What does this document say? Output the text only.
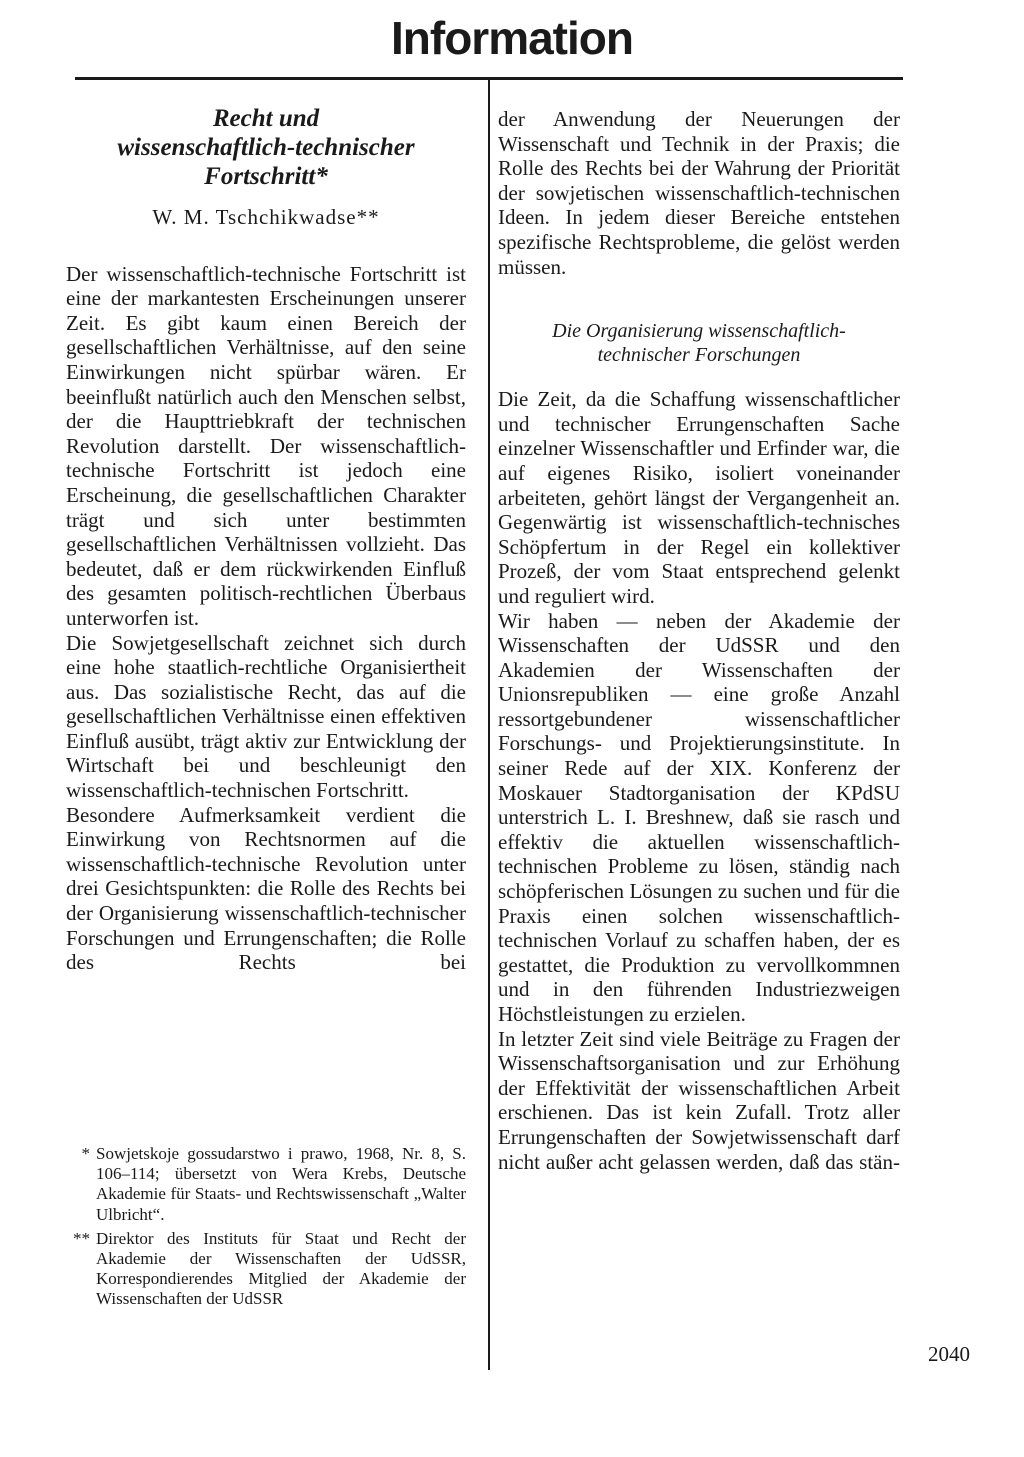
Information

Recht und

wissenschaftlich-technischer

Fortschritt*

W. M. Tschchikwadse**

Der wissenschaftlich-technische Fortschritt ist eine der markantesten Erscheinungen unserer Zeit. Es gibt kaum einen Bereich der gesellschaftlichen Verhältnisse, auf den seine Einwirkungen nicht spürbar wären. Er beeinflußt natürlich auch den Menschen selbst, der die Haupttriebkraft der technischen Revolution darstellt. Der wissenschaftlich-technische Fortschritt ist jedoch eine Erscheinung, die gesellschaftlichen Charakter trägt und sich unter bestimmten gesellschaftlichen Verhältnissen vollzieht. Das bedeutet, daß er dem rückwirkenden Einfluß des gesamten politisch-rechtlichen Überbaus unterworfen ist.

Die Sowjetgesellschaft zeichnet sich durch eine hohe staatlich-rechtliche Organisiertheit aus. Das sozialistische Recht, das auf die gesellschaftlichen Verhältnisse einen effektiven Einfluß ausübt, trägt aktiv zur Entwicklung der Wirtschaft bei und beschleunigt den wissenschaftlich-technischen Fortschritt.

Besondere Aufmerksamkeit verdient die Einwirkung von Rechtsnormen auf die wissenschaftlich-technische Revolution unter drei Gesichtspunkten: die Rolle des Rechts bei der Organisierung wissenschaftlich-technischer Forschungen und Errungenschaften; die Rolle des Rechts bei

* Sowjetskoje gossudarstwo i prawo, 1968, Nr. 8, S. 106–114; übersetzt von Wera Krebs, Deutsche Akademie für Staats- und Rechtswissenschaft „Walter Ulbricht“.
** Direktor des Instituts für Staat und Recht der Akademie der Wissenschaften der UdSSR, Korrespondierendes Mitglied der Akademie der Wissenschaften der UdSSR

der Anwendung der Neuerungen der Wissenschaft und Technik in der Praxis; die Rolle des Rechts bei der Wahrung der Priorität der sowjetischen wissenschaftlich-technischen Ideen. In jedem dieser Bereiche entstehen spezifische Rechtsprobleme, die gelöst werden müssen.

Die Organisierung wissenschaftlich-
technischer Forschungen

Die Zeit, da die Schaffung wissenschaftlicher und technischer Errungenschaften Sache einzelner Wissenschaftler und Erfinder war, die auf eigenes Risiko, isoliert voneinander arbeiteten, gehört längst der Vergangenheit an. Gegenwärtig ist wissenschaftlich-technisches Schöpfertum in der Regel ein kollektiver Prozeß, der vom Staat entsprechend gelenkt und reguliert wird.

Wir haben — neben der Akademie der Wissenschaften der UdSSR und den Akademien der Wissenschaften der Unionsrepubliken — eine große Anzahl ressortgebundener wissenschaftlicher Forschungs- und Projektierungsinstitute. In seiner Rede auf der XIX. Konferenz der Moskauer Stadtorganisation der KPdSU unterstrich L. I. Breshnew, daß sie rasch und effektiv die aktuellen wissenschaftlich-technischen Probleme zu lösen, ständig nach schöpferischen Lösungen zu suchen und für die Praxis einen solchen wissenschaftlich-technischen Vorlauf zu schaffen haben, der es gestattet, die Produktion zu vervollkommnen und in den führenden Industriezweigen Höchstleistungen zu erzielen.

In letzter Zeit sind viele Beiträge zu Fragen der Wissenschaftsorganisation und zur Erhöhung der Effektivität der wissenschaftlichen Arbeit erschienen. Das ist kein Zufall. Trotz aller Errungenschaften der Sowjetwissenschaft darf nicht außer acht gelassen werden, daß das stän-

2040
